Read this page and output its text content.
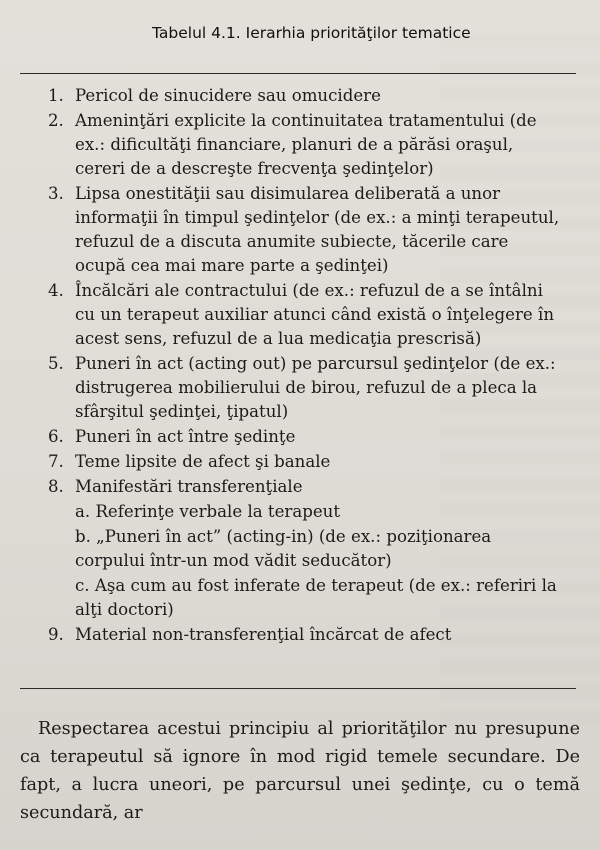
Tabelul 4.1. Ierarhia priorităţilor tematice
1. Pericol de sinucidere sau omucidere
2. Ameninţări explicite la continuitatea tratamentului (de ex.: dificultăţi financiare, planuri de a părăsi oraşul, cereri de a descreşte frecvenţa şedinţelor)
3. Lipsa onestităţii sau disimularea deliberată a unor informaţii în timpul şedinţelor (de ex.: a minţi terapeutul, refuzul de a discuta anumite subiecte, tăcerile care ocupă cea mai mare parte a şedinţei)
4. Încălcări ale contractului (de ex.: refuzul de a se întâlni cu un terapeut auxiliar atunci când există o înţelegere în acest sens, refuzul de a lua medicaţia prescrisă)
5. Puneri în act (acting out) pe parcursul şedinţelor (de ex.: distrugerea mobilierului de birou, refuzul de a pleca la sfârşitul şedinţei, ţipatul)
6. Puneri în act între şedinţe
7. Teme lipsite de afect şi banale
8. Manifestări transferenţiale
a. Referinţe verbale la terapeut
b. „Puneri în act” (acting-in) (de ex.: poziţionarea corpului într-un mod vădit seducător)
c. Aşa cum au fost inferate de terapeut (de ex.: referiri la alţi doctori)
9. Material non-transferenţial încărcat de afect
Respectarea acestui principiu al priorităţilor nu presupune ca terapeutul să ignore în mod rigid temele secundare. De fapt, a lucra uneori, pe parcursul unei şedinţe, cu o temă secundară, ar
